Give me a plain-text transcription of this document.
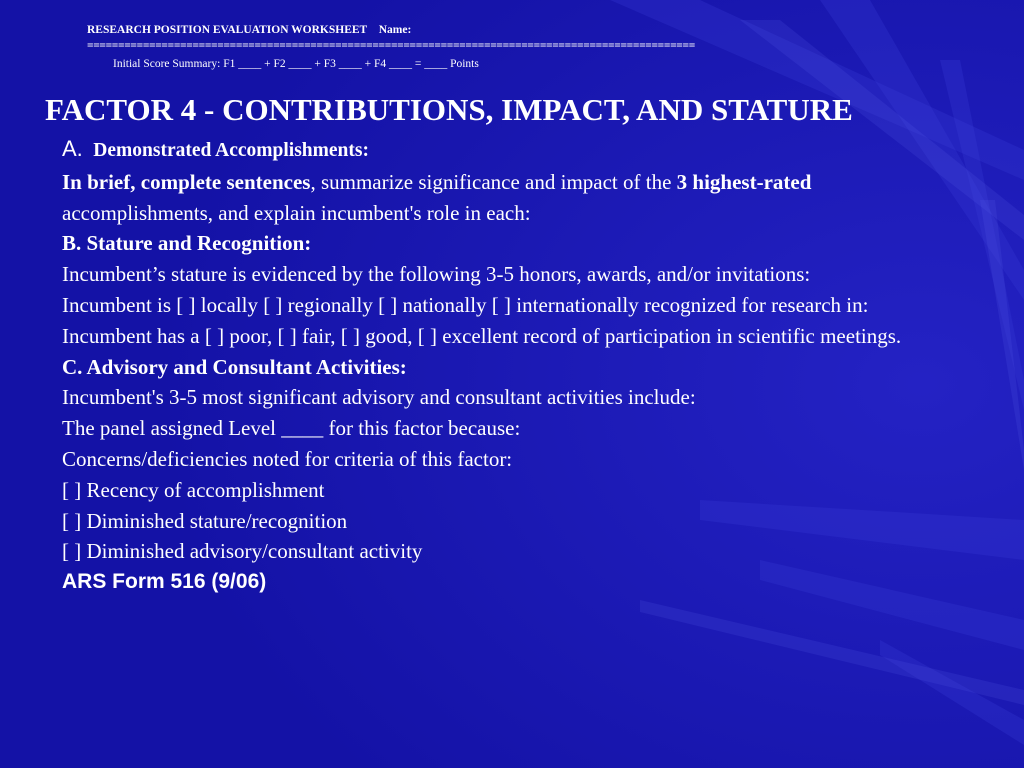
RESEARCH POSITION EVALUATION WORKSHEET Name:
==================================================================================================
Initial Score Summary: F1 ____ + F2 ____ + F3 ____ + F4 ____ = ____ Points
FACTOR 4 - CONTRIBUTIONS, IMPACT, AND STATURE

A. Demonstrated Accomplishments:

In brief, complete sentences, summarize significance and impact of the 3 highest-rated accomplishments, and explain incumbent's role in each:

B. Stature and Recognition:

Incumbent’s stature is evidenced by the following 3-5 honors, awards, and/or invitations:

Incumbent is [ ] locally [ ] regionally [ ] nationally [ ] internationally recognized for research in:

Incumbent has a [ ] poor, [ ] fair, [ ] good, [ ] excellent record of participation in scientific meetings.

C. Advisory and Consultant Activities:

Incumbent's 3-5 most significant advisory and consultant activities include:

The panel assigned Level ____ for this factor because:

Concerns/deficiencies noted for criteria of this factor:

[ ] Recency of accomplishment

[ ] Diminished stature/recognition

[ ] Diminished advisory/consultant activity

ARS Form 516 (9/06)
